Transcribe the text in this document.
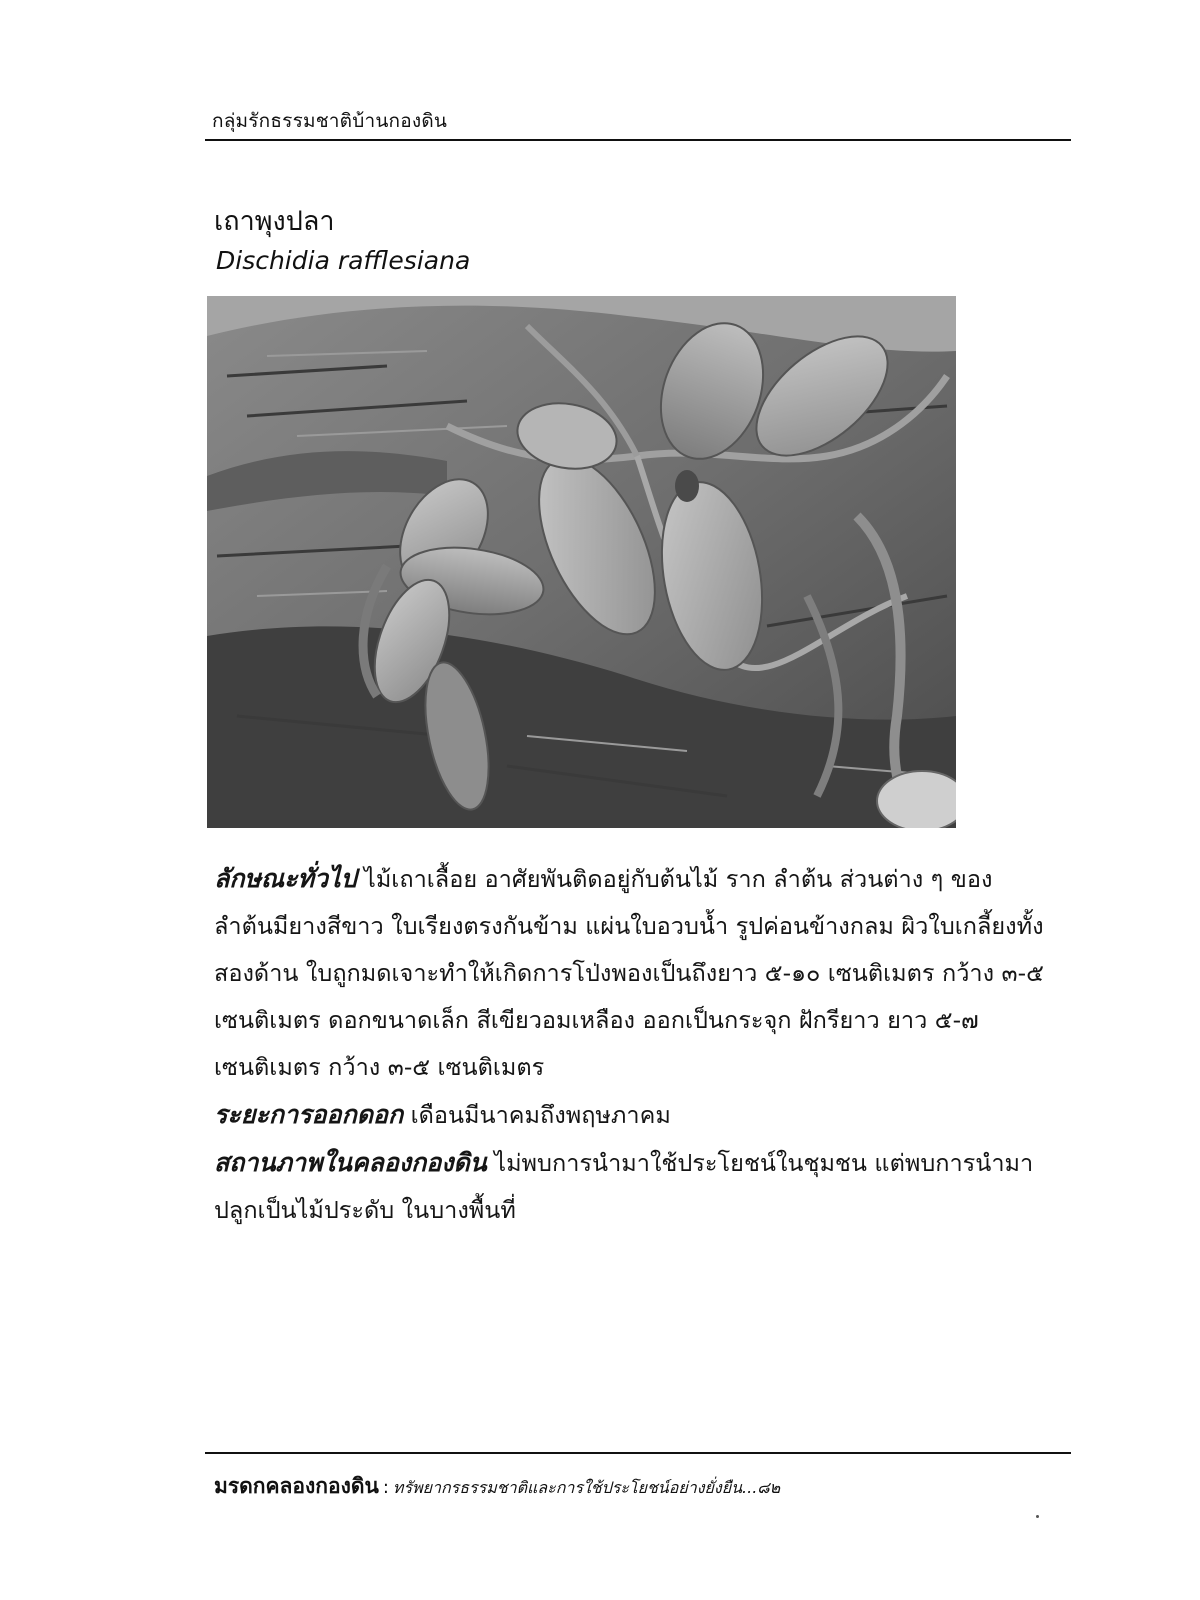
กลุ่มรักธรรมชาติบ้านกองดิน
เถาพุงปลา
Dischidia rafflesiana

ลักษณะทั่วไป ไม้เถาเลื้อย อาศัยพันติดอยู่กับต้นไม้ ราก ลำต้น ส่วนต่าง ๆ ของลำต้นมียางสีขาว ใบเรียงตรงกันข้าม แผ่นใบอวบน้ำ รูปค่อนข้างกลม ผิวใบเกลี้ยงทั้งสองด้าน ใบถูกมดเจาะทำให้เกิดการโป่งพองเป็นถึงยาว ๕-๑๐ เซนติเมตร กว้าง ๓-๕ เซนติเมตร ดอกขนาดเล็ก สีเขียวอมเหลือง ออกเป็นกระจุก ฝักรียาว ยาว ๕-๗ เซนติเมตร กว้าง ๓-๕ เซนติเมตร

ระยะการออกดอก เดือนมีนาคมถึงพฤษภาคม

สถานภาพในคลองกองดิน ไม่พบการนำมาใช้ประโยชน์ในชุมชน แต่พบการนำมาปลูกเป็นไม้ประดับ ในบางพื้นที่

มรดกคลองกองดิน : ทรัพยากรธรรมชาติและการใช้ประโยชน์อย่างยั่งยืน...๘๒
